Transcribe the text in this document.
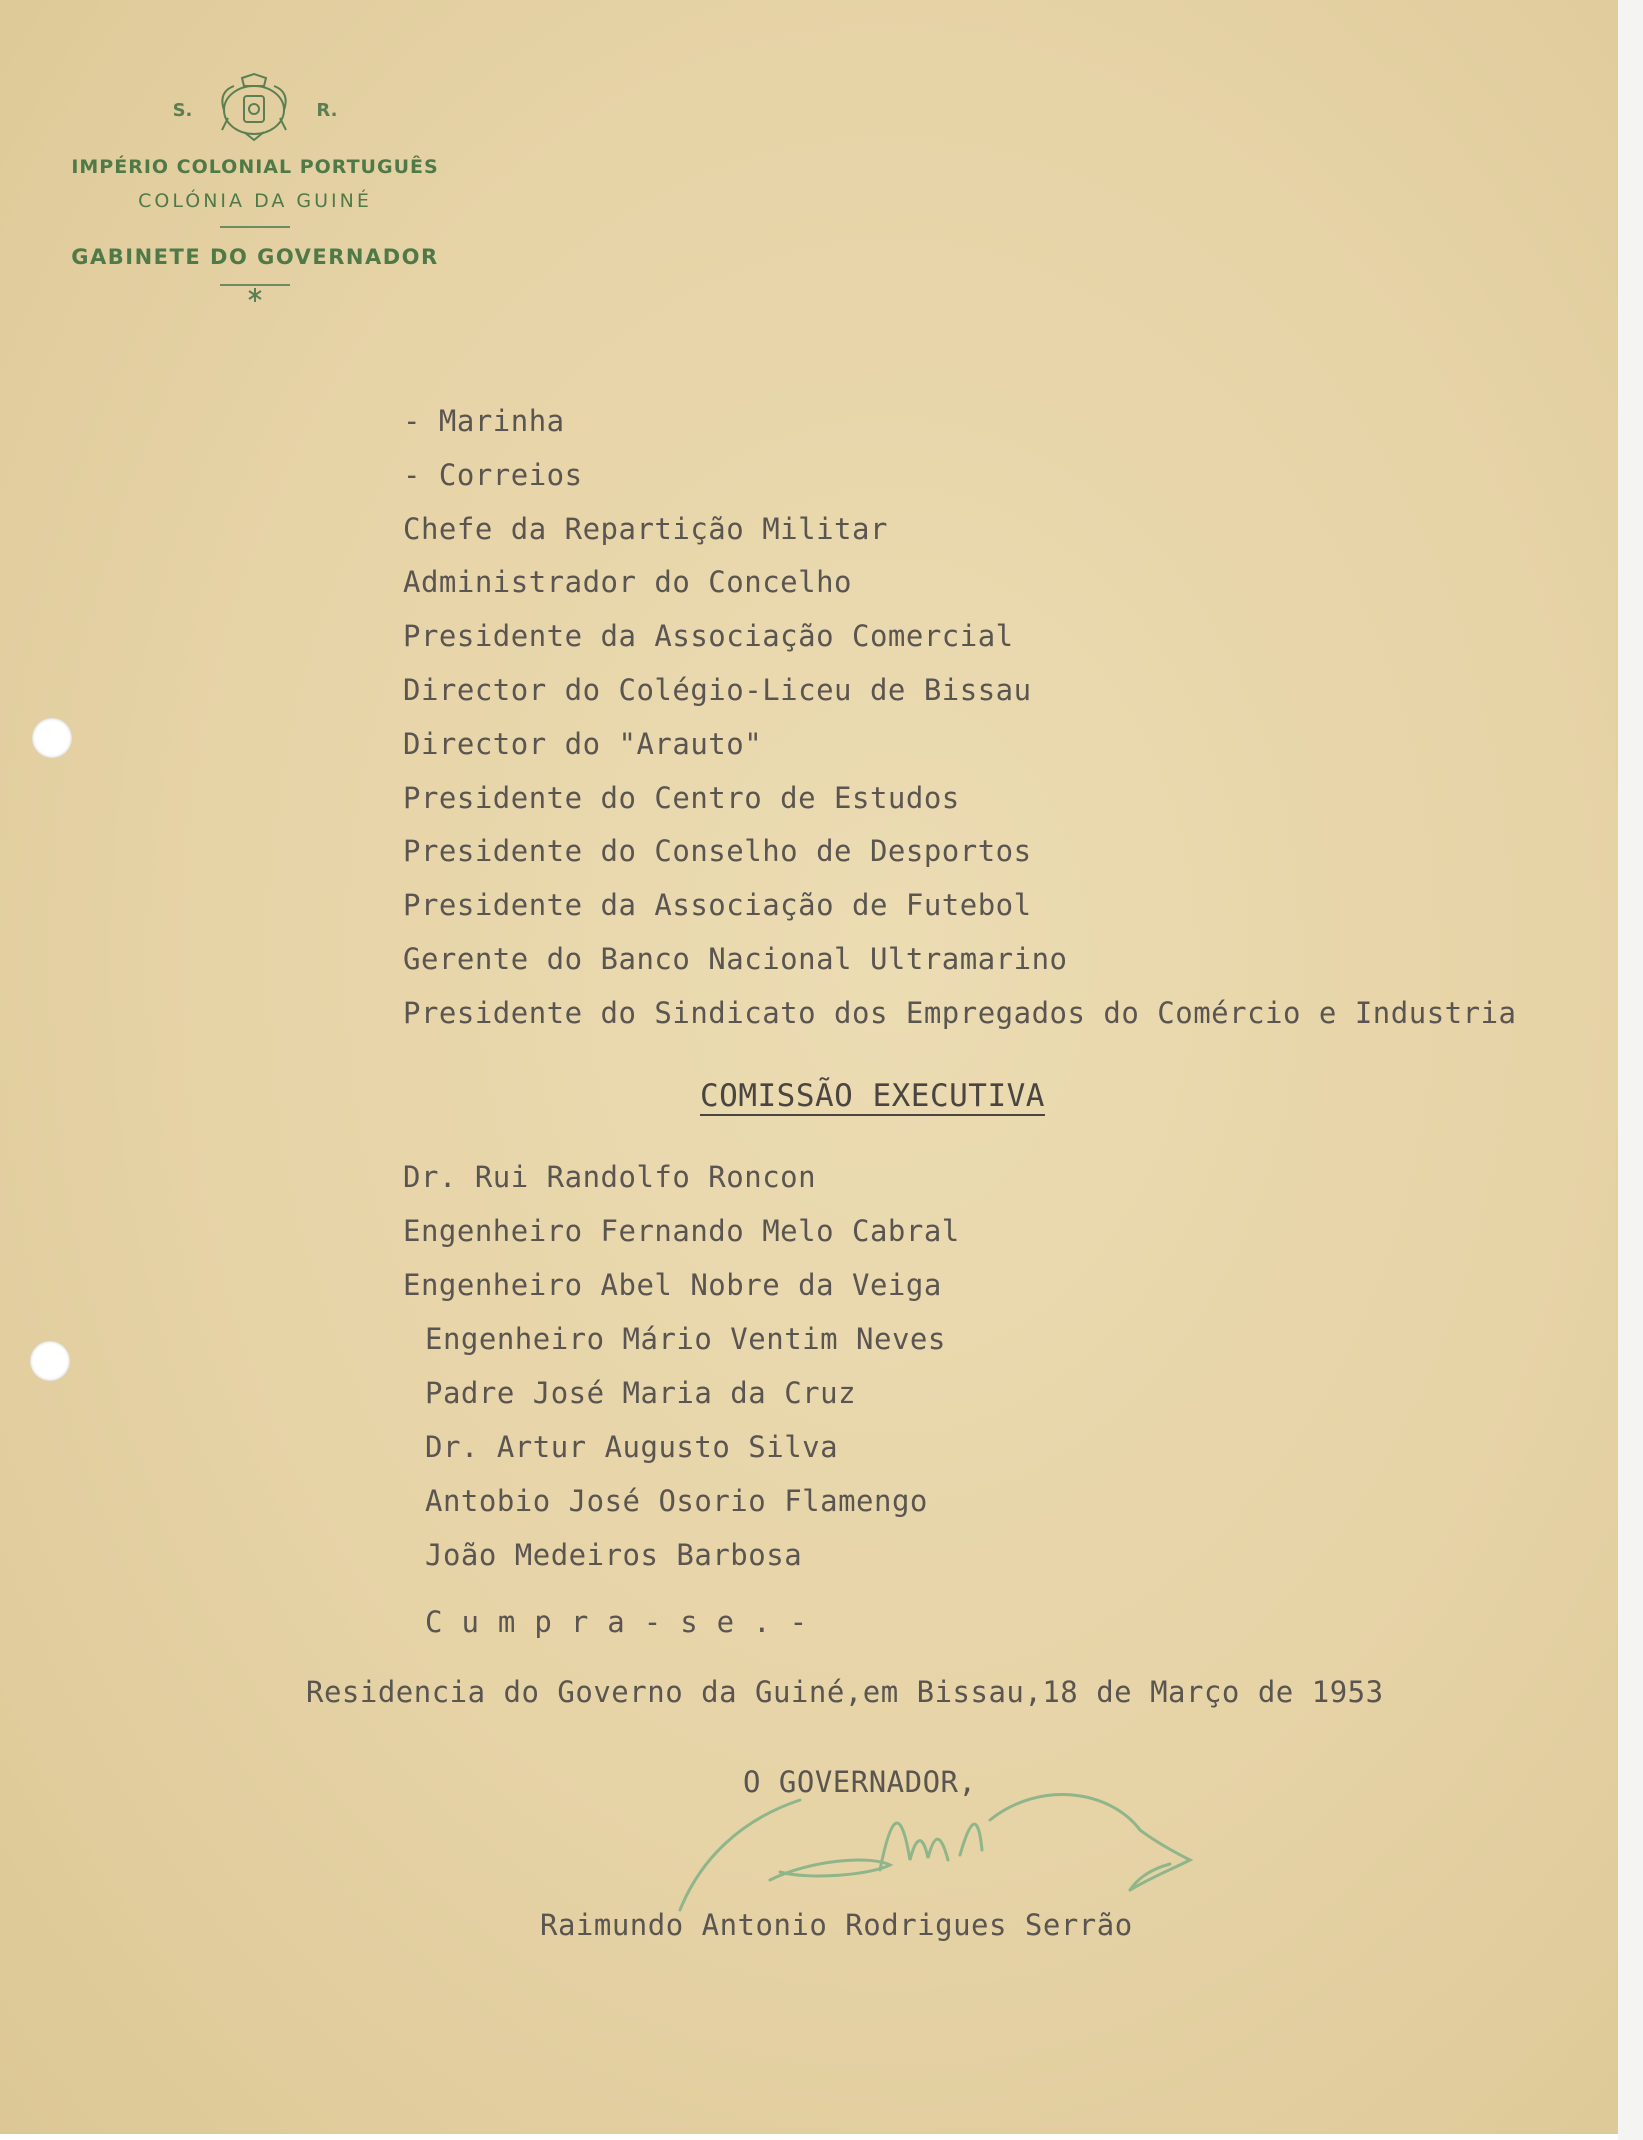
S.	R.
IMPÉRIO COLONIAL PORTUGUÊS
COLÓNIA DA GUINÉ
GABINETE DO GOVERNADOR
- Marinha
- Correios
Chefe da Repartição Militar
Administrador do Concelho
Presidente da Associação Comercial
Director do Colégio-Liceu de Bissau
Director do "Arauto"
Presidente do Centro de Estudos
Presidente do Conselho de Desportos
Presidente da Associação de Futebol
Gerente do Banco Nacional Ultramarino
Presidente do Sindicato dos Empregados do Comércio e Industria
COMISSÃO EXECUTIVA
Dr. Rui Randolfo Roncon
Engenheiro Fernando Melo Cabral
Engenheiro Abel Nobre da Veiga
Engenheiro Mário Ventim Neves
Padre José Maria da Cruz
Dr. Artur Augusto Silva
Antobio José Osorio Flamengo
João Medeiros Barbosa
Cumpra-se.-
Residencia do Governo da Guiné,em Bissau,18 de Março de 1953
O GOVERNADOR,
Raimundo Antonio Rodrigues Serrão
